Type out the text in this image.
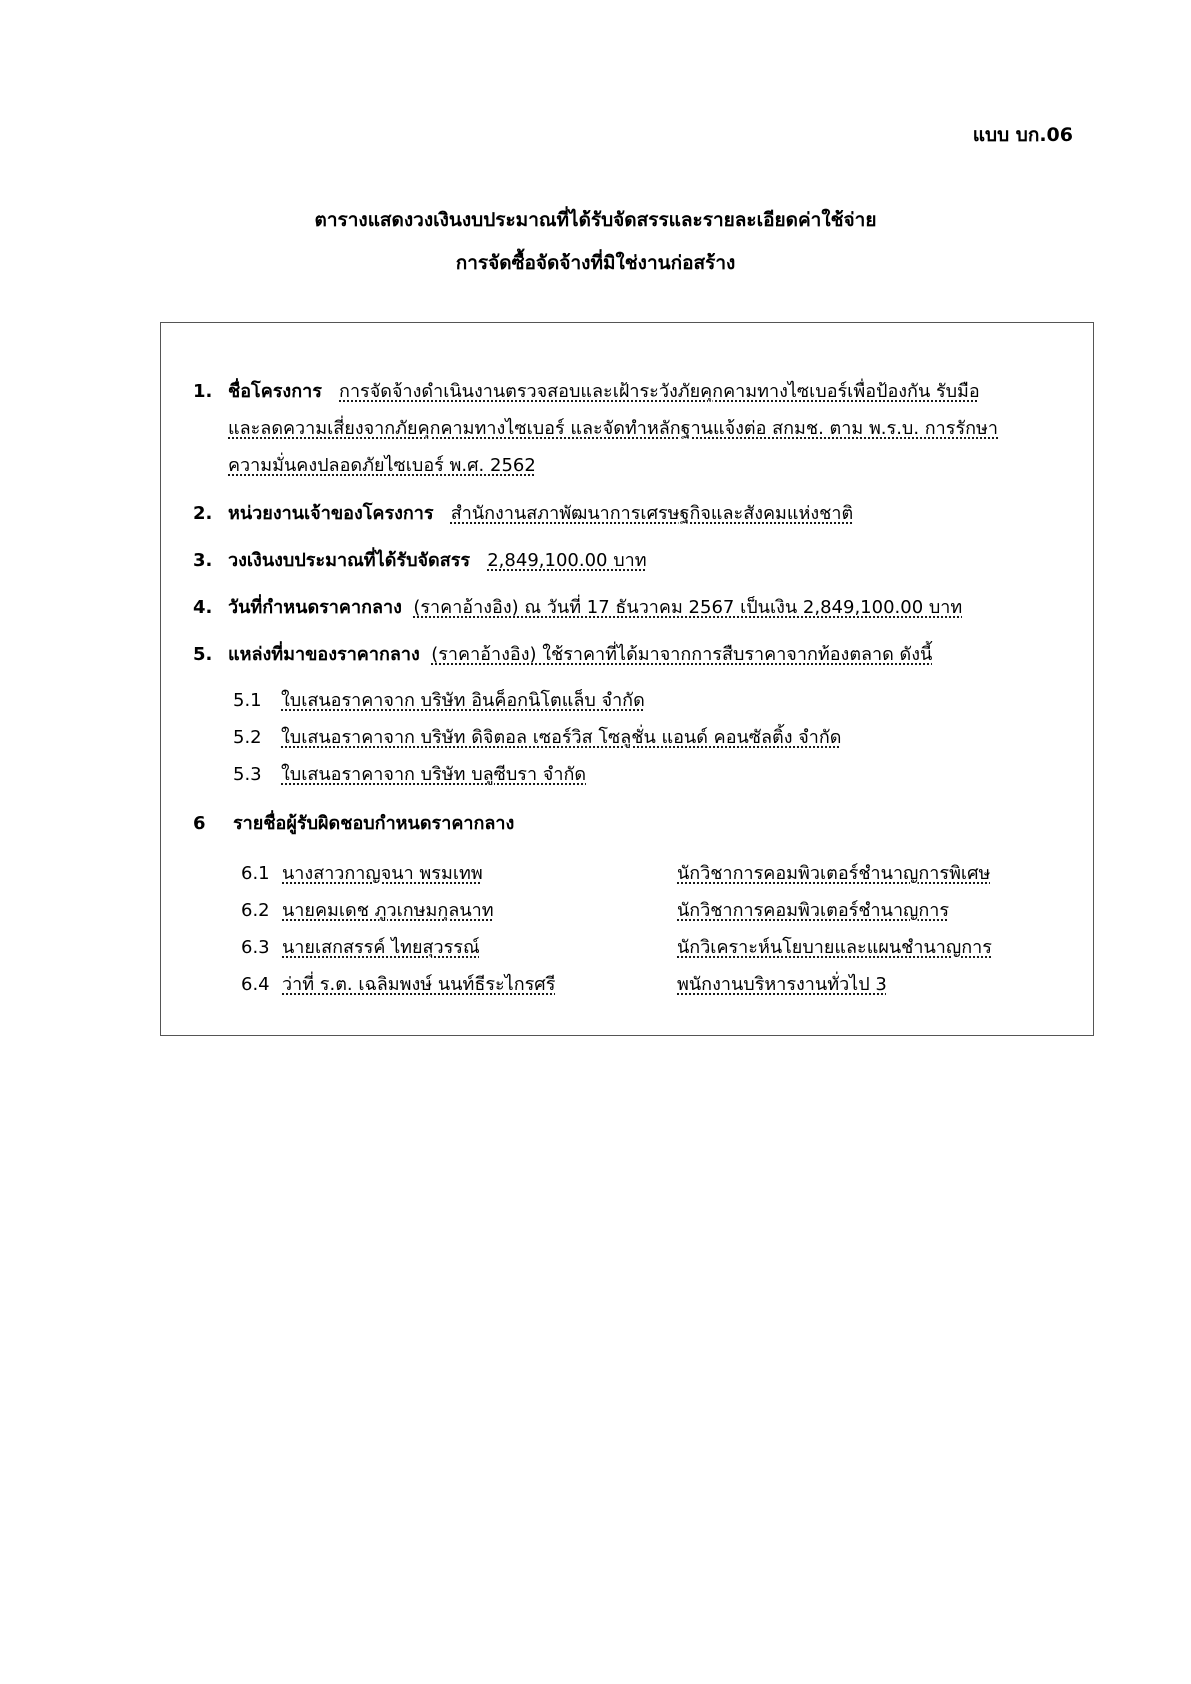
แบบ บก.06
ตารางแสดงวงเงินงบประมาณที่ได้รับจัดสรรและรายละเอียดค่าใช้จ่าย
การจัดซื้อจัดจ้างที่มิใช่งานก่อสร้าง
1. ชื่อโครงการ การจัดจ้างดำเนินงานตรวจสอบและเฝ้าระวังภัยคุกคามทางไซเบอร์เพื่อป้องกัน รับมือ
และลดความเสี่ยงจากภัยคุกคามทางไซเบอร์ และจัดทำหลักฐานแจ้งต่อ สกมช. ตาม พ.ร.บ. การรักษา
ความมั่นคงปลอดภัยไซเบอร์ พ.ศ. 2562
2. หน่วยงานเจ้าของโครงการ สำนักงานสภาพัฒนาการเศรษฐกิจและสังคมแห่งชาติ
3. วงเงินงบประมาณที่ได้รับจัดสรร 2,849,100.00 บาท
4. วันที่กำหนดราคากลาง (ราคาอ้างอิง) ณ วันที่ 17 ธันวาคม 2567 เป็นเงิน 2,849,100.00 บาท
5. แหล่งที่มาของราคากลาง (ราคาอ้างอิง) ใช้ราคาที่ได้มาจากการสืบราคาจากท้องตลาด ดังนี้
5.1 ใบเสนอราคาจาก บริษัท อินค็อกนิโตแล็บ จำกัด
5.2 ใบเสนอราคาจาก บริษัท ดิจิตอล เซอร์วิส โซลูชั่น แอนด์ คอนซัลติ้ง จำกัด
5.3 ใบเสนอราคาจาก บริษัท บลูซีบรา จำกัด
6 รายชื่อผู้รับผิดชอบกำหนดราคากลาง
6.1 นางสาวกาญจนา พรมเทพ	นักวิชาการคอมพิวเตอร์ชำนาญการพิเศษ
6.2 นายคมเดช ภูวเกษมกุลนาท	นักวิชาการคอมพิวเตอร์ชำนาญการ
6.3 นายเสกสรรค์ ไทยสุวรรณ์	นักวิเคราะห์นโยบายและแผนชำนาญการ
6.4 ว่าที่ ร.ต. เฉลิมพงษ์ นนท์ธีระไกรศรี	พนักงานบริหารงานทั่วไป 3
